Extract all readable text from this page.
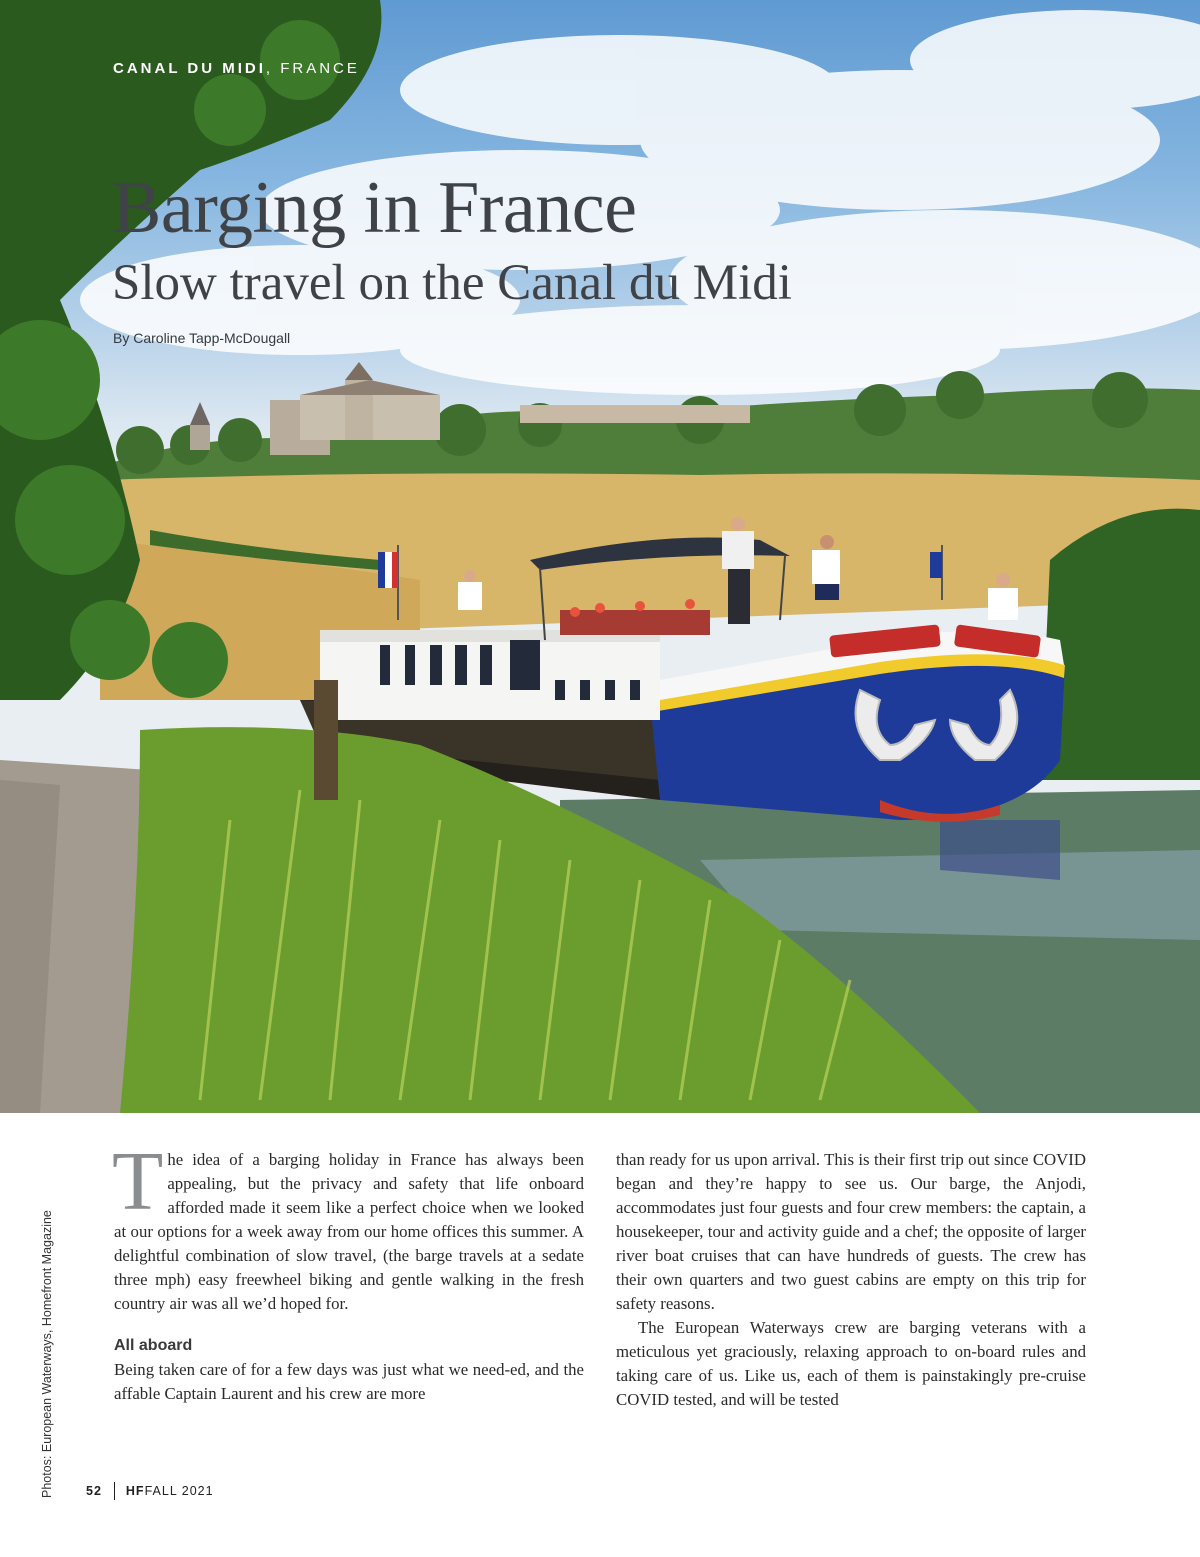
CANAL DU MIDI, FRANCE

Barging in France
Slow travel on the Canal du Midi

By Caroline Tapp-McDougall

Photos: European Waterways, Homefront Magazine

The idea of a barging holiday in France has always been appealing, but the privacy and safety that life onboard afforded made it seem like a perfect choice when we looked at our options for a week away from our home offices this summer. A delightful combination of slow travel, (the barge travels at a sedate three mph) easy freewheel biking and gentle walking in the fresh country air was all we’d hoped for.

All aboard

Being taken care of for a few days was just what we need-ed, and the affable Captain Laurent and his crew are more

than ready for us upon arrival. This is their first trip out since COVID began and they’re happy to see us. Our barge, the Anjodi, accommodates just four guests and four crew members: the captain, a housekeeper, tour and activity guide and a chef; the opposite of larger river boat cruises that can have hundreds of guests. The crew has their own quarters and two guest cabins are empty on this trip for safety reasons.

The European Waterways crew are barging veterans with a meticulous yet graciously, relaxing approach to on-board rules and taking care of us. Like us, each of them is painstakingly pre-cruise COVID tested, and will be tested

52 HF FALL 2021
